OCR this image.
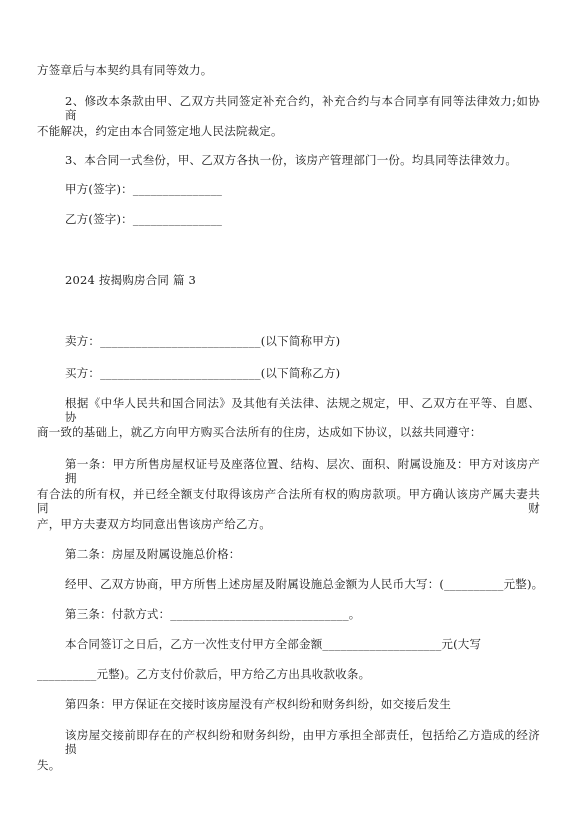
方签章后与本契约具有同等效力。
2、修改本条款由甲、乙双方共同签定补充合约，补充合约与本合同享有同等法律效力;如协商
不能解决，约定由本合同签定地人民法院裁定。
3、本合同一式叁份，甲、乙双方各执一份，该房产管理部门一份。均具同等法律效力。
甲方(签字)：_______________
乙方(签字)：_______________
2024 按揭购房合同 篇 3
卖方：___________________________(以下简称甲方)
买方：___________________________(以下简称乙方)
根据《中华人民共和国合同法》及其他有关法律、法规之规定，甲、乙双方在平等、自愿、协
商一致的基础上，就乙方向甲方购买合法所有的住房，达成如下协议，以兹共同遵守：
第一条：甲方所售房屋权证号及座落位置、结构、层次、面积、附属设施及：甲方对该房产拥
有合法的所有权，并已经全额支付取得该房产合法所有权的购房款项。甲方确认该房产属夫妻共同财
产，甲方夫妻双方均同意出售该房产给乙方。
第二条：房屋及附属设施总价格：
经甲、乙双方协商，甲方所售上述房屋及附属设施总金额为人民币大写：(__________元整)。
第三条：付款方式：______________________________。
本合同签订之日后，乙方一次性支付甲方全部金额____________________元(大写
__________元整)。乙方支付价款后，甲方给乙方出具收款收条。
第四条：甲方保证在交接时该房屋没有产权纠纷和财务纠纷，如交接后发生
该房屋交接前即存在的产权纠纷和财务纠纷，由甲方承担全部责任，包括给乙方造成的经济损
失。
